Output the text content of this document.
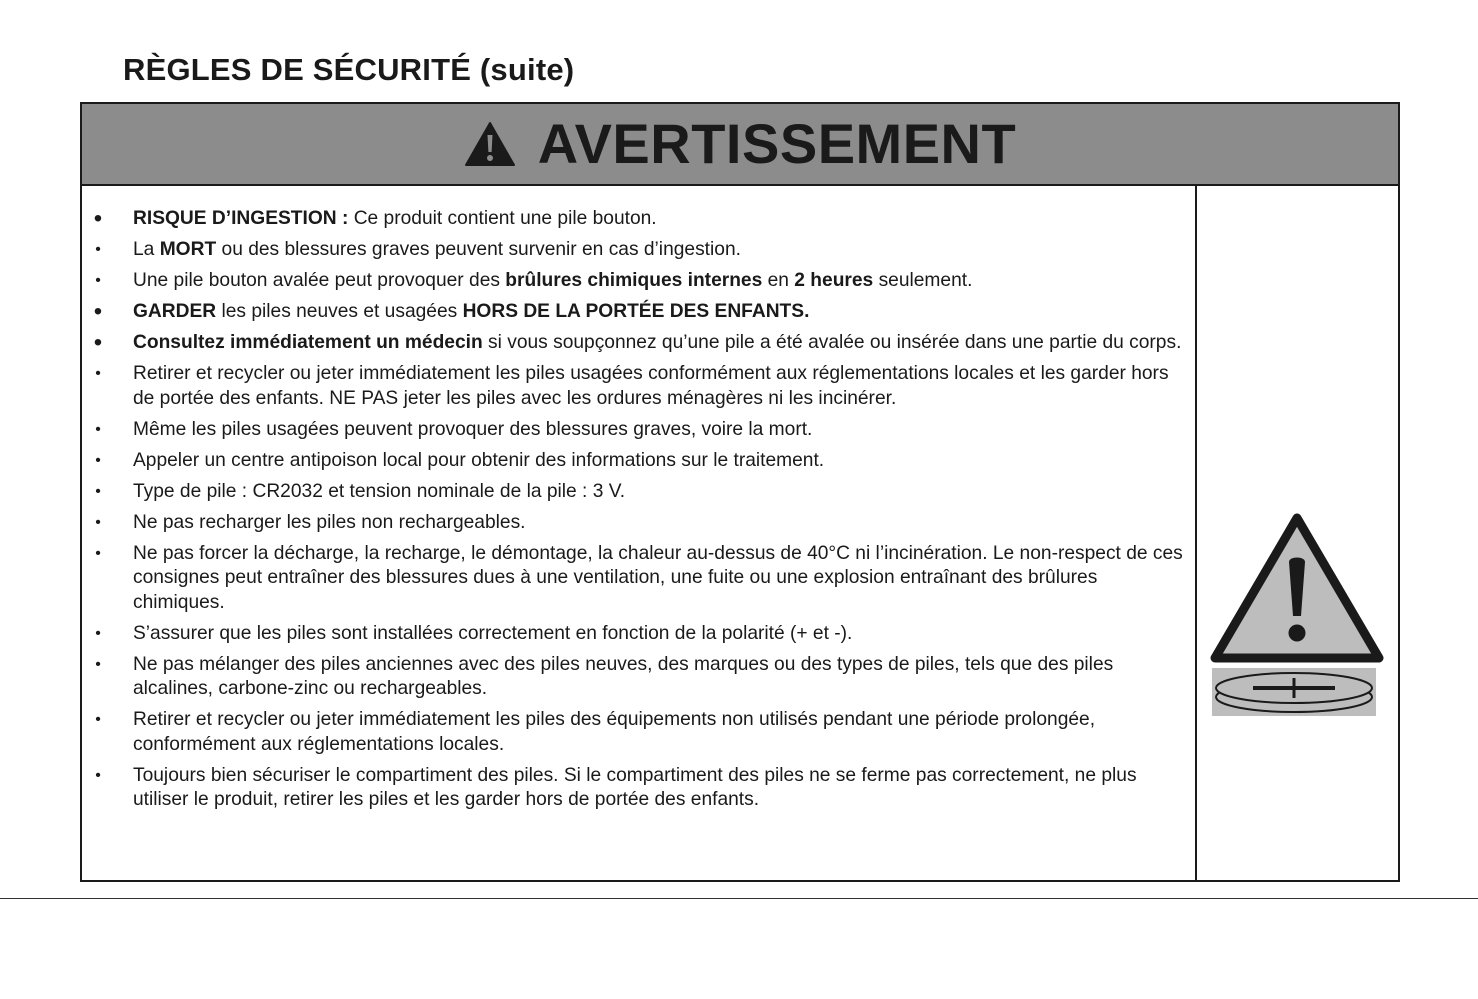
RÈGLES DE SÉCURITÉ (suite)
AVERTISSEMENT
• RISQUE D’INGESTION : Ce produit contient une pile bouton.
• La MORT ou des blessures graves peuvent survenir en cas d’ingestion.
• Une pile bouton avalée peut provoquer des brûlures chimiques internes en 2 heures seulement.
• GARDER les piles neuves et usagées HORS DE LA PORTÉE DES ENFANTS.
• Consultez immédiatement un médecin si vous soupçonnez qu’une pile a été avalée ou insérée dans une partie du corps.
• Retirer et recycler ou jeter immédiatement les piles usagées conformément aux réglementations locales et les garder hors de portée des enfants. NE PAS jeter les piles avec les ordures ménagères ni les incinérer.
• Même les piles usagées peuvent provoquer des blessures graves, voire la mort.
• Appeler un centre antipoison local pour obtenir des informations sur le traitement.
• Type de pile : CR2032 et tension nominale de la pile : 3 V.
• Ne pas recharger les piles non rechargeables.
• Ne pas forcer la décharge, la recharge, le démontage, la chaleur au-dessus de 40°C ni l’incinération. Le non-respect de ces consignes peut entraîner des blessures dues à une ventilation, une fuite ou une explosion entraînant des brûlures chimiques.
• S’assurer que les piles sont installées correctement en fonction de la polarité (+ et -).
• Ne pas mélanger des piles anciennes avec des piles neuves, des marques ou des types de piles, tels que des piles alcalines, carbone-zinc ou rechargeables.
• Retirer et recycler ou jeter immédiatement les piles des équipements non utilisés pendant une période prolongée, conformément aux réglementations locales.
• Toujours bien sécuriser le compartiment des piles. Si le compartiment des piles ne se ferme pas correctement, ne plus utiliser le produit, retirer les piles et les garder hors de portée des enfants.
